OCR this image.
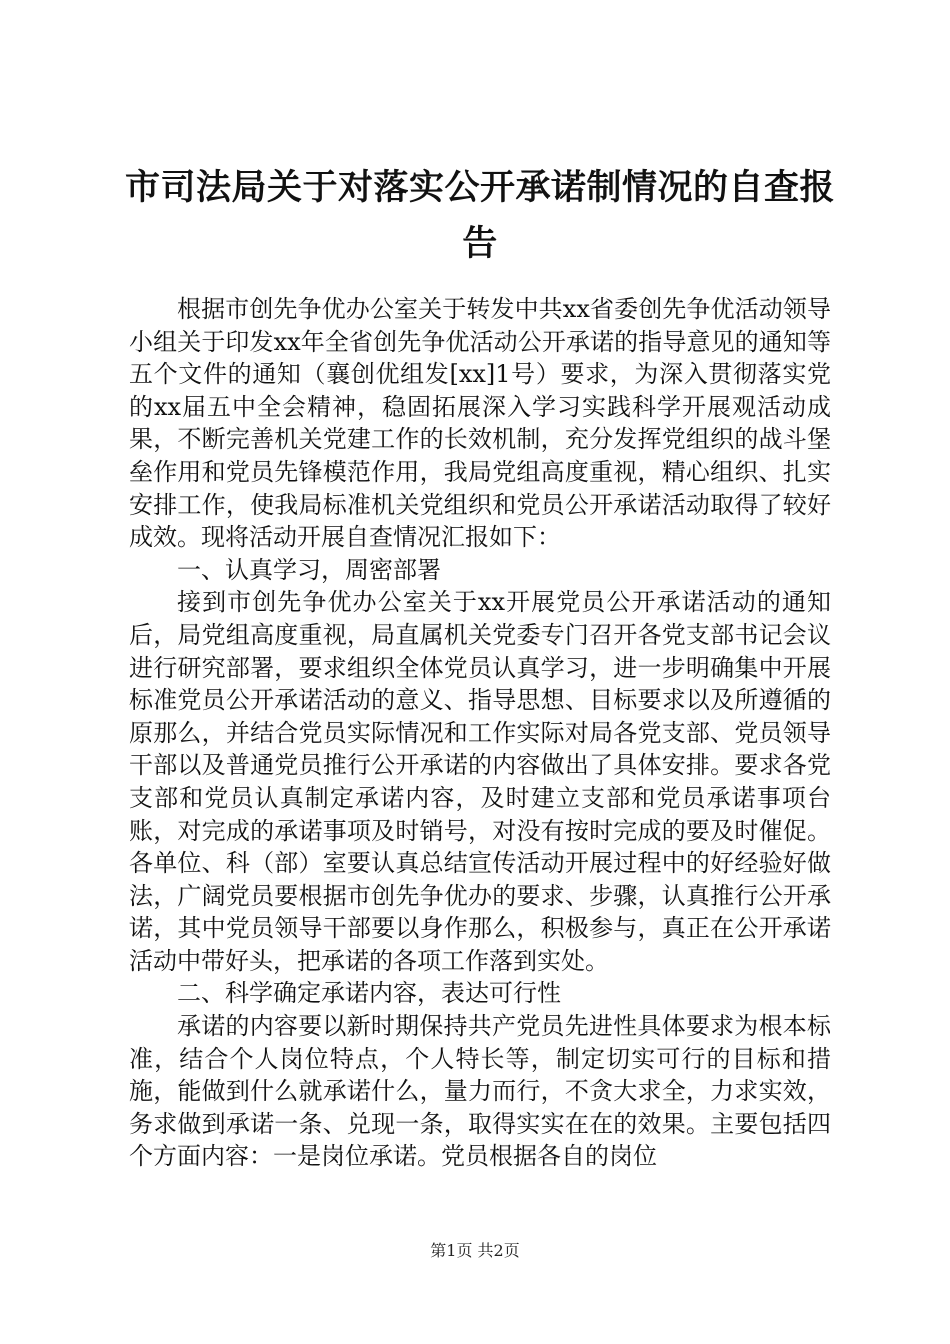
市司法局关于对落实公开承诺制情况的自查报告

根据市创先争优办公室关于转发中共xx省委创先争优活动领导小组关于印发xx年全省创先争优活动公开承诺的指导意见的通知等五个文件的通知（襄创优组发[xx]1号）要求，为深入贯彻落实党的xx届五中全会精神，稳固拓展深入学习实践科学开展观活动成果，不断完善机关党建工作的长效机制，充分发挥党组织的战斗堡垒作用和党员先锋模范作用，我局党组高度重视，精心组织、扎实安排工作，使我局标准机关党组织和党员公开承诺活动取得了较好成效。现将活动开展自查情况汇报如下：

一、认真学习，周密部署

接到市创先争优办公室关于xx开展党员公开承诺活动的通知后，局党组高度重视，局直属机关党委专门召开各党支部书记会议进行研究部署，要求组织全体党员认真学习，进一步明确集中开展标准党员公开承诺活动的意义、指导思想、目标要求以及所遵循的原那么，并结合党员实际情况和工作实际对局各党支部、党员领导干部以及普通党员推行公开承诺的内容做出了具体安排。要求各党支部和党员认真制定承诺内容，及时建立支部和党员承诺事项台账，对完成的承诺事项及时销号，对没有按时完成的要及时催促。各单位、科（部）室要认真总结宣传活动开展过程中的好经验好做法，广阔党员要根据市创先争优办的要求、步骤，认真推行公开承诺，其中党员领导干部要以身作那么，积极参与，真正在公开承诺活动中带好头，把承诺的各项工作落到实处。

二、科学确定承诺内容，表达可行性

承诺的内容要以新时期保持共产党员先进性具体要求为根本标准，结合个人岗位特点，个人特长等，制定切实可行的目标和措施，能做到什么就承诺什么，量力而行，不贪大求全，力求实效，务求做到承诺一条、兑现一条，取得实实在在的效果。主要包括四个方面内容：一是岗位承诺。党员根据各自的岗位

第1页 共2页
